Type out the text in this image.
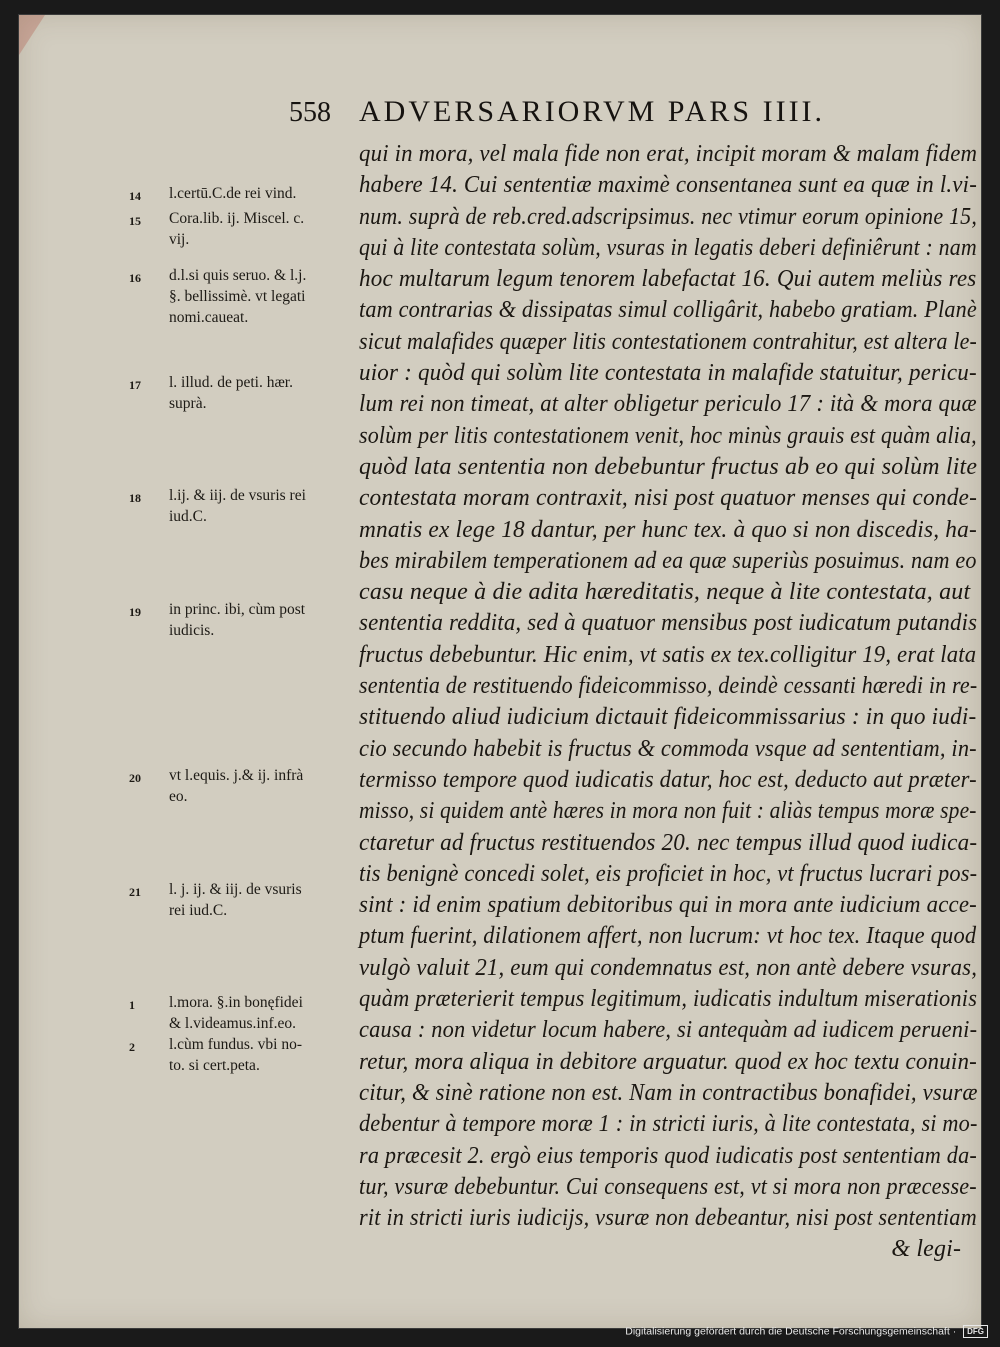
558 ADVERSARIORVM PARS IIII.
14	l.certū.C.de rei vind.
15	Cora.lib. ij. Miscel. c.
vij.
16	d.l.si quis seruo. & l.j.
§. bellissimè. vt legati
nomi.caueat.
17	l. illud. de peti. hær.
suprà.
18	l.ij. & iij. de vsuris rei
iud.C.
19	in princ. ibi, cùm post
iudicis.
20	vt l.equis. j.& ij. infrà
eo.
21	l. j. ij. & iij. de vsuris
rei iud.C.
1	l.mora. §.in bonęfidei
& l.videamus.inf.eo.
2	l.cùm fundus. vbi no-
to. si cert.peta.
qui in mora, vel mala fide non erat, incipit moram & malam fidem
habere 14. Cui sententiæ maximè consentanea sunt ea quæ in l.vi-
num. suprà de reb.cred.adscripsimus. nec vtimur eorum opinione 15,
qui à lite contestata solùm, vsuras in legatis deberi definiêrunt : nam
hoc multarum legum tenorem labefactat 16. Qui autem meliùs res
tam contrarias & dissipatas simul colligârit, habebo gratiam. Planè
sicut malafides quæper litis contestationem contrahitur, est altera le-
uior : quòd qui solùm lite contestata in malafide statuitur, pericu-
lum rei non timeat, at alter obligetur periculo 17 : ità & mora quæ
solùm per litis contestationem venit, hoc minùs grauis est quàm alia,
quòd lata sententia non debebuntur fructus ab eo qui solùm lite
contestata moram contraxit, nisi post quatuor menses qui conde-
mnatis ex lege 18 dantur, per hunc tex. à quo si non discedis, ha-
bes mirabilem temperationem ad ea quæ superiùs posuimus. nam eo
casu neque à die adita hæreditatis, neque à lite contestata, aut
sententia reddita, sed à quatuor mensibus post iudicatum putandis
fructus debebuntur. Hic enim, vt satis ex tex.colligitur 19, erat lata
sententia de restituendo fideicommisso, deindè cessanti hæredi in re-
stituendo aliud iudicium dictauit fideicommissarius : in quo iudi-
cio secundo habebit is fructus & commoda vsque ad sententiam, in-
termisso tempore quod iudicatis datur, hoc est, deducto aut præter-
misso, si quidem antè hæres in mora non fuit : aliàs tempus moræ spe-
ctaretur ad fructus restituendos 20. nec tempus illud quod iudica-
tis benignè concedi solet, eis proficiet in hoc, vt fructus lucrari pos-
sint : id enim spatium debitoribus qui in mora ante iudicium acce-
ptum fuerint, dilationem affert, non lucrum: vt hoc tex. Itaque quod
vulgò valuit 21, eum qui condemnatus est, non antè debere vsuras,
quàm præterierit tempus legitimum, iudicatis indultum miserationis
causa : non videtur locum habere, si antequàm ad iudicem perueni-
retur, mora aliqua in debitore arguatur. quod ex hoc textu conuin-
citur, & sinè ratione non est. Nam in contractibus bonafidei, vsuræ
debentur à tempore moræ 1 : in stricti iuris, à lite contestata, si mo-
ra præcesit 2. ergò eius temporis quod iudicatis post sententiam da-
tur, vsuræ debebuntur. Cui consequens est, vt si mora non præcesse-
rit in stricti iuris iudicijs, vsuræ non debeantur, nisi post sententiam
& legi-
Digitalisierung gefördert durch die Deutsche Forschungsgemeinschaft · DFG
